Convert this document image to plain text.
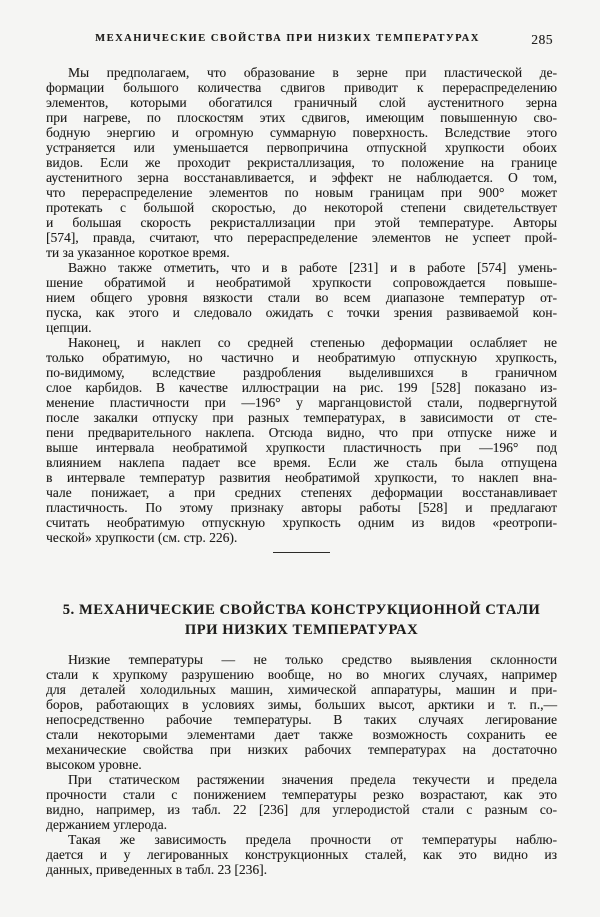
МЕХАНИЧЕСКИЕ СВОЙСТВА ПРИ НИЗКИХ ТЕМПЕРАТУРАХ	285
Мы предполагаем, что образование в зерне при пластической де-
формации большого количества сдвигов приводит к перераспределению
элементов, которыми обогатился граничный слой аустенитного зерна
при нагреве, по плоскостям этих сдвигов, имеющим повышенную сво-
бодную энергию и огромную суммарную поверхность. Вследствие этого
устраняется или уменьшается первопричина отпускной хрупкости обоих
видов. Если же проходит рекристаллизация, то положение на границе
аустенитного зерна восстанавливается, и эффект не наблюдается. О том,
что перераспределение элементов по новым границам при 900° может
протекать с большой скоростью, до некоторой степени свидетельствует
и большая скорость рекристаллизации при этой температуре. Авторы
[574], правда, считают, что перераспределение элементов не успеет прой-
ти за указанное короткое время.
Важно также отметить, что и в работе [231] и в работе [574] умень-
шение обратимой и необратимой хрупкости сопровождается повыше-
нием общего уровня вязкости стали во всем диапазоне температур от-
пуска, как этого и следовало ожидать с точки зрения развиваемой кон-
цепции.
Наконец, и наклеп со средней степенью деформации ослабляет не
только обратимую, но частично и необратимую отпускную хрупкость,
по-видимому, вследствие раздробления выделившихся в граничном
слое карбидов. В качестве иллюстрации на рис. 199 [528] показано из-
менение пластичности при —196° у марганцовистой стали, подвергнутой
после закалки отпуску при разных температурах, в зависимости от сте-
пени предварительного наклепа. Отсюда видно, что при отпуске ниже и
выше интервала необратимой хрупкости пластичность при —196° под
влиянием наклепа падает все время. Если же сталь была отпущена
в интервале температур развития необратимой хрупкости, то наклеп вна-
чале понижает, а при средних степенях деформации восстанавливает
пластичность. По этому признаку авторы работы [528] и предлагают
считать необратимую отпускную хрупкость одним из видов «реотропи-
ческой» хрупкости (см. стр. 226).
5. МЕХАНИЧЕСКИЕ СВОЙСТВА КОНСТРУКЦИОННОЙ СТАЛИ
ПРИ НИЗКИХ ТЕМПЕРАТУРАХ
Низкие температуры — не только средство выявления склонности
стали к хрупкому разрушению вообще, но во многих случаях, например
для деталей холодильных машин, химической аппаратуры, машин и при-
боров, работающих в условиях зимы, больших высот, арктики и т. п.,—
непосредственно рабочие температуры. В таких случаях легирование
стали некоторыми элементами дает также возможность сохранить ее
механические свойства при низких рабочих температурах на достаточно
высоком уровне.
При статическом растяжении значения предела текучести и предела
прочности стали с понижением температуры резко возрастают, как это
видно, например, из табл. 22 [236] для углеродистой стали с разным со-
держанием углерода.
Такая же зависимость предела прочности от температуры наблю-
дается и у легированных конструкционных сталей, как это видно из
данных, приведенных в табл. 23 [236].
